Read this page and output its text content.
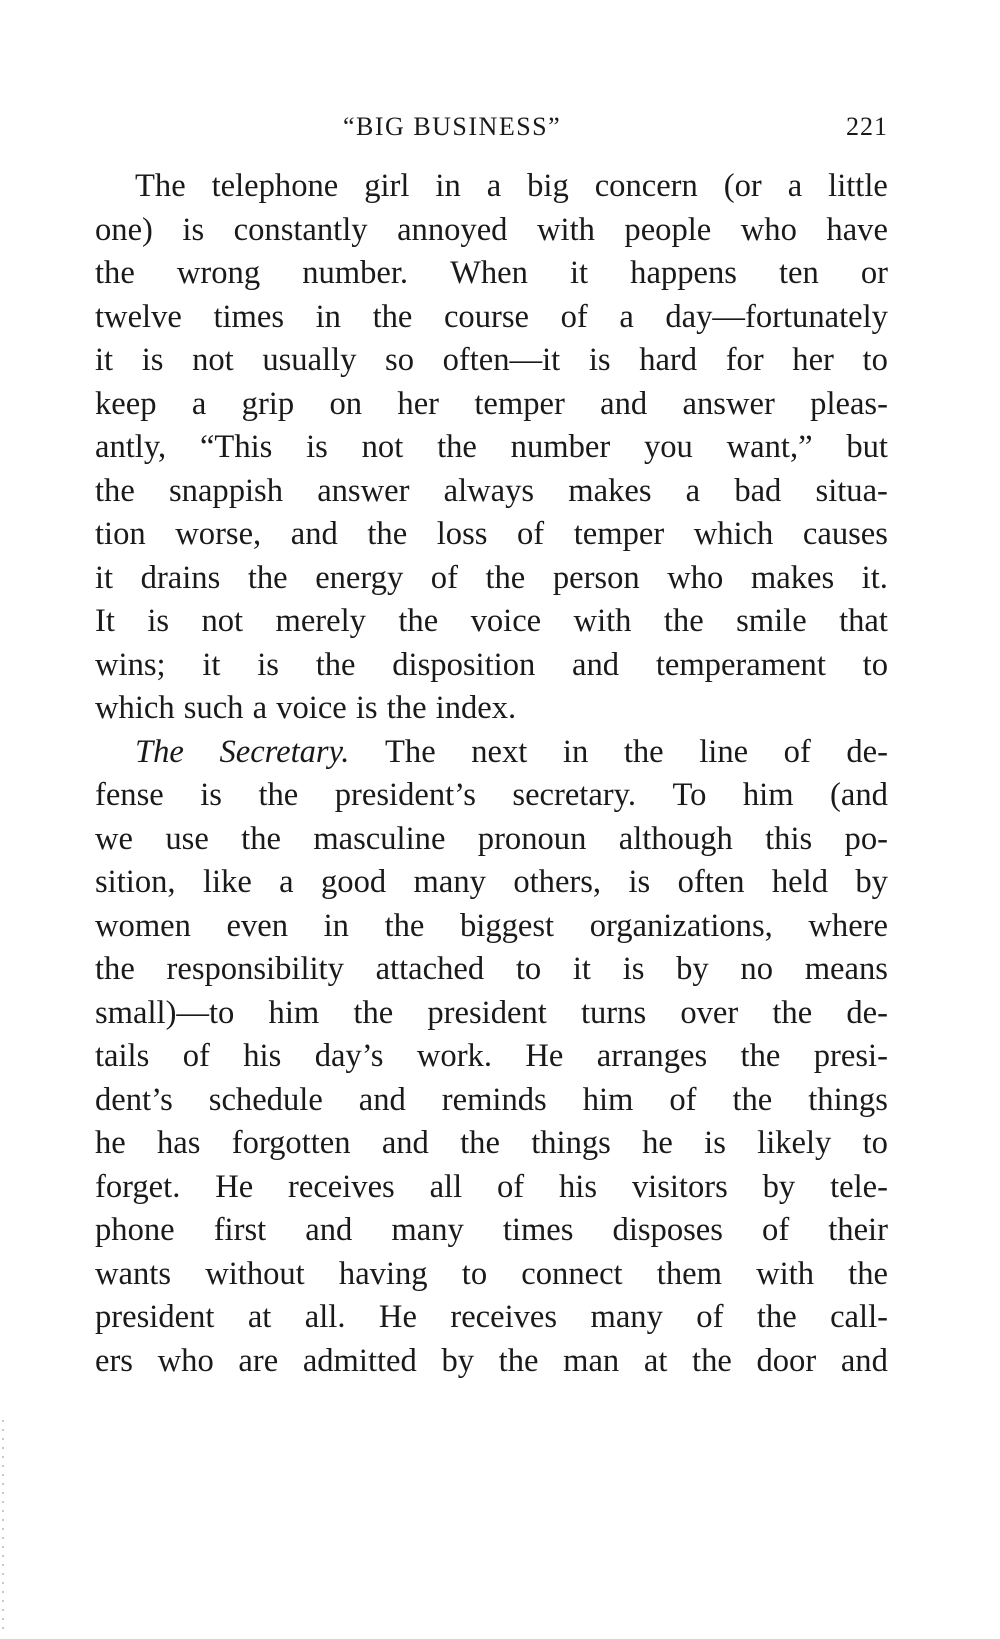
“BIG BUSINESS”	221
The telephone girl in a big concern (or a little
one) is constantly annoyed with people who have
the wrong number. When it happens ten or
twelve times in the course of a day—fortunately
it is not usually so often—it is hard for her to
keep a grip on her temper and answer pleas-
antly, “This is not the number you want,” but
the snappish answer always makes a bad situa-
tion worse, and the loss of temper which causes
it drains the energy of the person who makes it.
It is not merely the voice with the smile that
wins; it is the disposition and temperament to
which such a voice is the index.
The Secretary. The next in the line of de-
fense is the president’s secretary. To him (and
we use the masculine pronoun although this po-
sition, like a good many others, is often held by
women even in the biggest organizations, where
the responsibility attached to it is by no means
small)—to him the president turns over the de-
tails of his day’s work. He arranges the presi-
dent’s schedule and reminds him of the things
he has forgotten and the things he is likely to
forget. He receives all of his visitors by tele-
phone first and many times disposes of their
wants without having to connect them with the
president at all. He receives many of the call-
ers who are admitted by the man at the door and
